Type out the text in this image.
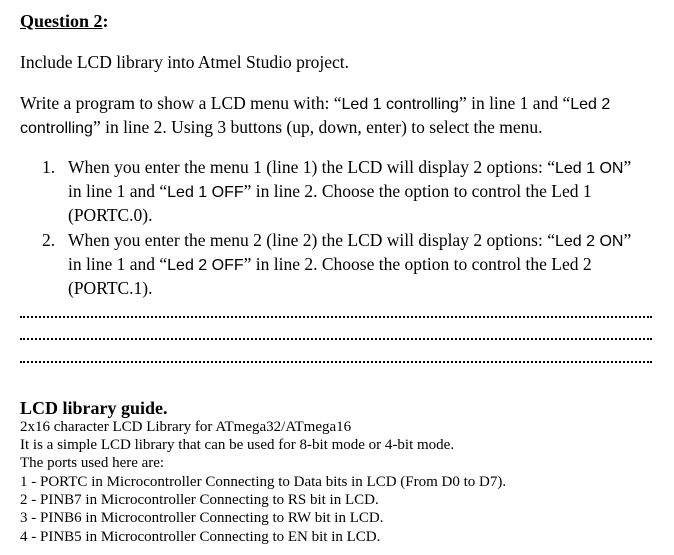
Question 2:
Include LCD library into Atmel Studio project.
Write a program to show a LCD menu with: “Led 1 controlling” in line 1 and “Led 2
controlling” in line 2. Using 3 buttons (up, down, enter) to select the menu.
1. When you enter the menu 1 (line 1) the LCD will display 2 options: “Led 1 ON”
in line 1 and “Led 1 OFF” in line 2. Choose the option to control the Led 1
(PORTC.0).
2. When you enter the menu 2 (line 2) the LCD will display 2 options: “Led 2 ON”
in line 1 and “Led 2 OFF” in line 2. Choose the option to control the Led 2
(PORTC.1).
LCD library guide.
2x16 character LCD Library for ATmega32/ATmega16
It is a simple LCD library that can be used for 8-bit mode or 4-bit mode.
The ports used here are:
1 - PORTC in Microcontroller Connecting to Data bits in LCD (From D0 to D7).
2 - PINB7 in Microcontroller Connecting to RS bit in LCD.
3 - PINB6 in Microcontroller Connecting to RW bit in LCD.
4 - PINB5 in Microcontroller Connecting to EN bit in LCD.
